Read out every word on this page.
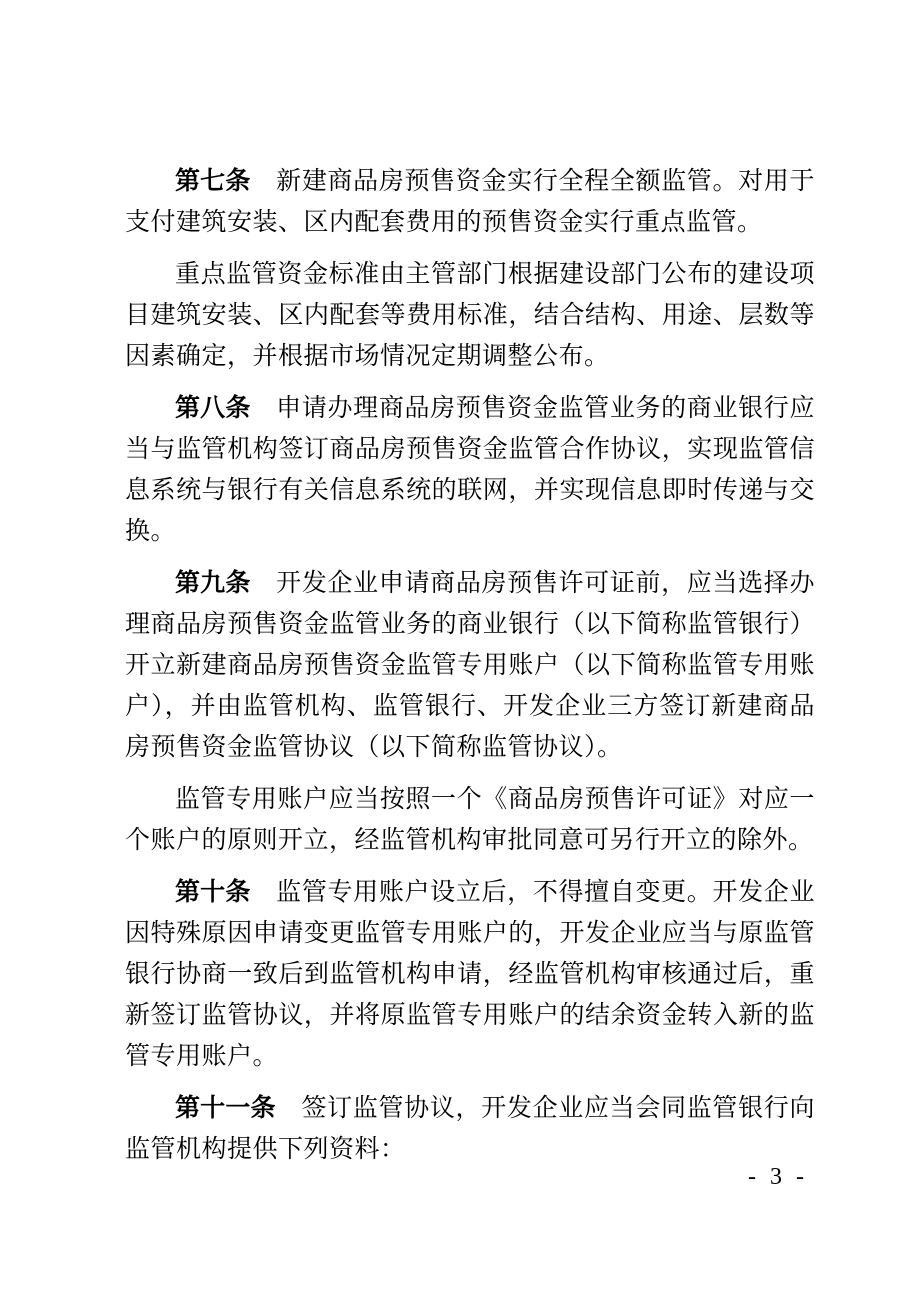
第七条　 新建商品房预售资金实行全程全额监管。对用于支付建筑安装、区内配套费用的预售资金实行重点监管。

重点监管资金标准由主管部门根据建设部门公布的建设项目建筑安装、区内配套等费用标准，结合结构、用途、层数等因素确定，并根据市场情况定期调整公布。

第八条　 申请办理商品房预售资金监管业务的商业银行应当与监管机构签订商品房预售资金监管合作协议，实现监管信息系统与银行有关信息系统的联网，并实现信息即时传递与交换。

第九条　 开发企业申请商品房预售许可证前，应当选择办理商品房预售资金监管业务的商业银行（以下简称监管银行）开立新建商品房预售资金监管专用账户（以下简称监管专用账户），并由监管机构、监管银行、开发企业三方签订新建商品房预售资金监管协议（以下简称监管协议）。

监管专用账户应当按照一个《商品房预售许可证》对应一个账户的原则开立，经监管机构审批同意可另行开立的除外。

第十条　 监管专用账户设立后，不得擅自变更。开发企业因特殊原因申请变更监管专用账户的，开发企业应当与原监管银行协商一致后到监管机构申请，经监管机构审核通过后，重新签订监管协议，并将原监管专用账户的结余资金转入新的监管专用账户。

第十一条　 签订监管协议，开发企业应当会同监管银行向监管机构提供下列资料：

- 3 -
